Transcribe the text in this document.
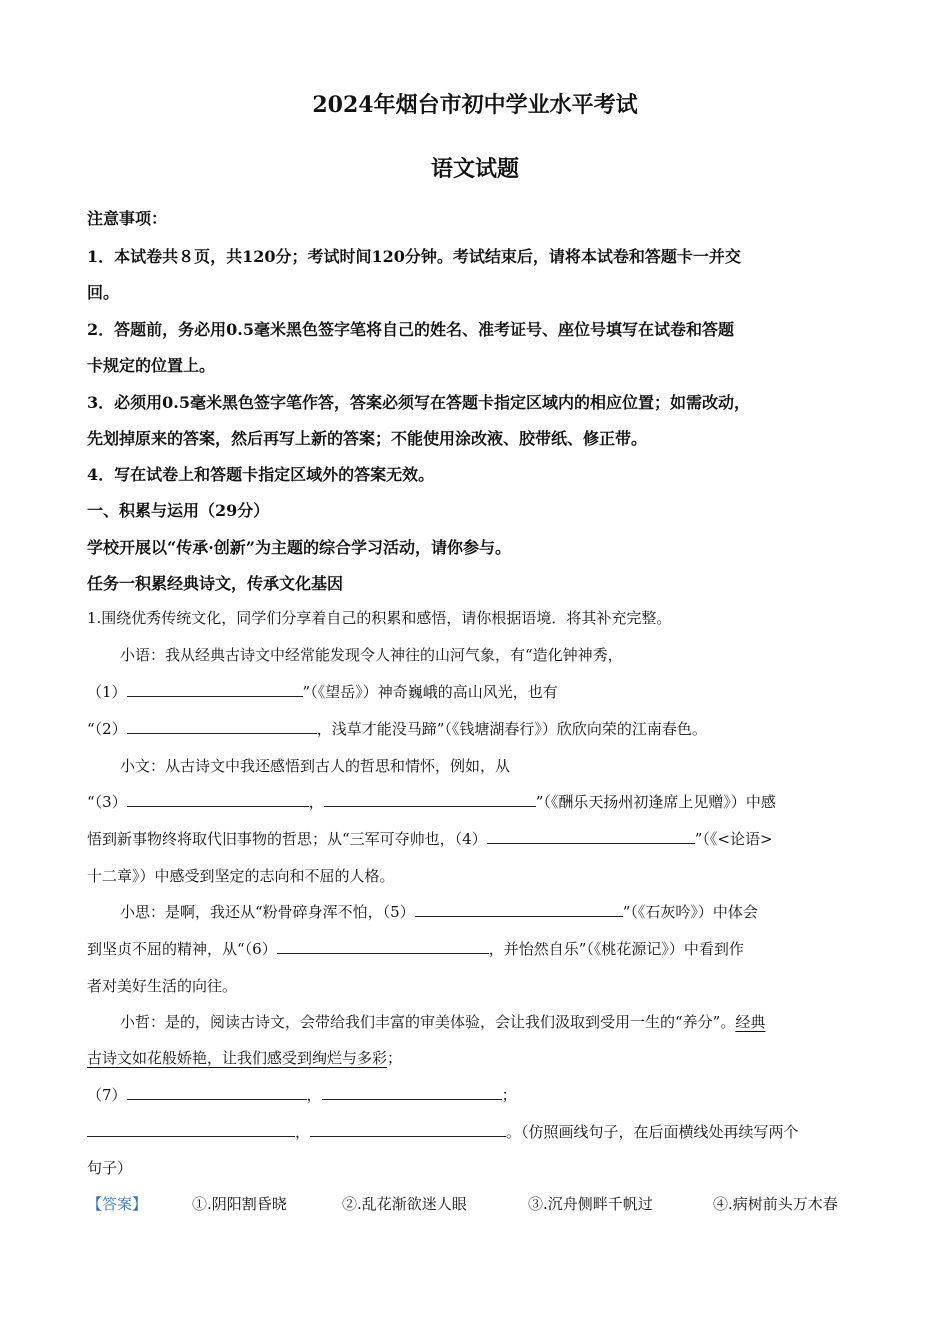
2024年烟台市初中学业水平考试
语文试题
注意事项：
1．本试卷共８页，共120分；考试时间120分钟。考试结束后，请将本试卷和答题卡一并交
回。
2．答题前，务必用0.5毫米黑色签字笔将自己的姓名、准考证号、座位号填写在试卷和答题
卡规定的位置上。
3．必须用0.5毫米黑色签字笔作答，答案必须写在答题卡指定区域内的相应位置；如需改动，
先划掉原来的答案，然后再写上新的答案；不能使用涂改液、胶带纸、修正带。
4．写在试卷上和答题卡指定区域外的答案无效。
一、积累与运用（29分）
学校开展以“传承·创新”为主题的综合学习活动，请你参与。
任务一积累经典诗文，传承文化基因
1.围绕优秀传统文化，同学们分享着自己的积累和感悟，请你根据语境．将其补充完整。
小语：我从经典古诗文中经常能发现令人神往的山河气象，有“造化钟神秀，
（1）	”（《望岳》）神奇巍峨的高山风光，也有
“（2）	，浅草才能没马蹄”（《钱塘湖春行》）欣欣向荣的江南春色。
小文：从古诗文中我还感悟到古人的哲思和情怀，例如，从
“（3）	，	”（《酬乐天扬州初逢席上见赠》）中感
悟到新事物终将取代旧事物的哲思；从“三军可夺帅也，（4）	”（《<论语>
十二章》）中感受到坚定的志向和不屈的人格。
小思：是啊，我还从“粉骨碎身浑不怕，（5）	”（《石灰吟》）中体会
到坚贞不屈的精神，从“（6）	，并怡然自乐”（《桃花源记》）中看到作
者对美好生活的向往。
小哲：是的，阅读古诗文，会带给我们丰富的审美体验，会让我们汲取到受用一生的“养分”。经典
古诗文如花般娇艳，让我们感受到绚烂与多彩；
（7）	，	；
，	。（仿照画线句子，在后面横线处再续写两个
句子）
【答案】	①.阴阳割昏晓	②.乱花渐欲迷人眼	③.沉舟侧畔千帆过	④.病树前头万木春
